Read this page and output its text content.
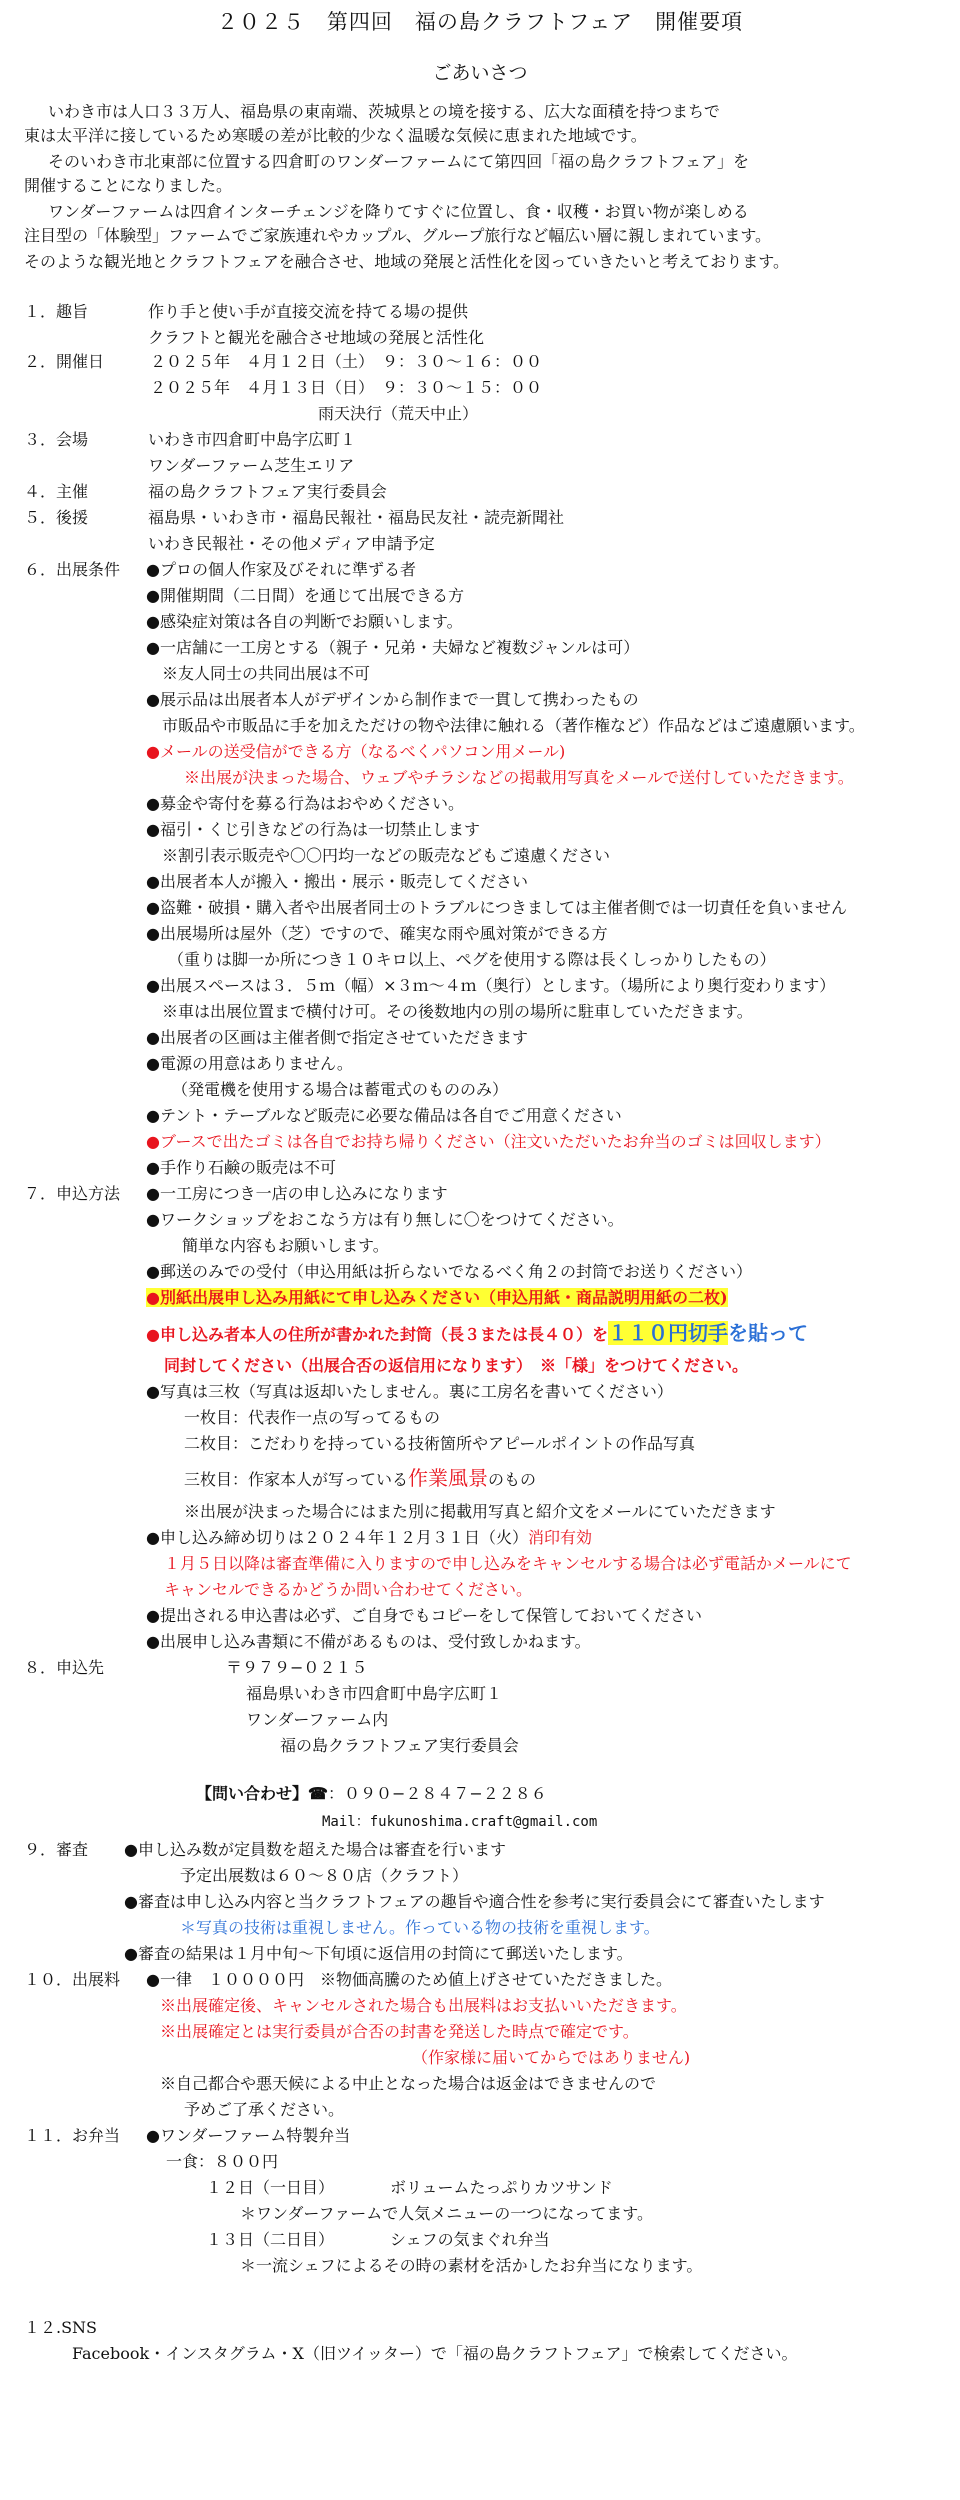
２０２５　第四回　福の島クラフトフェア　開催要項
ごあいさつ
いわき市は人口３３万人、福島県の東南端、茨城県との境を接する、広大な面積を持つまちで
東は太平洋に接しているため寒暖の差が比較的少なく温暖な気候に恵まれた地域です。
そのいわき市北東部に位置する四倉町のワンダーファームにて第四回「福の島クラフトフェア」を
開催することになりました。
ワンダーファームは四倉インターチェンジを降りてすぐに位置し、食・収穫・お買い物が楽しめる
注目型の「体験型」ファームでご家族連れやカップル、グループ旅行など幅広い層に親しまれています。
そのような観光地とクラフトフェアを融合させ、地域の発展と活性化を図っていきたいと考えております。
１．趣旨	作り手と使い手が直接交流を持てる場の提供
クラフトと観光を融合させ地域の発展と活性化
２．開催日	２０２５年　４月１２日（土）　９：３０〜１６：００
２０２５年　４月１３日（日）　９：３０〜１５：００
雨天決行（荒天中止）
３．会場	いわき市四倉町中島字広町１
ワンダーファーム芝生エリア
４．主催	福の島クラフトフェア実行委員会
５．後援	福島県・いわき市・福島民報社・福島民友社・読売新聞社
いわき民報社・その他メディア申請予定
６．出展条件 ●プロの個人作家及びそれに準ずる者
●開催期間（二日間）を通じて出展できる方
●感染症対策は各自の判断でお願いします。
●一店舗に一工房とする（親子・兄弟・夫婦など複数ジャンルは可）
※友人同士の共同出展は不可
●展示品は出展者本人がデザインから制作まで一貫して携わったもの
市販品や市販品に手を加えただけの物や法律に触れる（著作権など）作品などはご遠慮願います。
●メールの送受信ができる方（なるべくパソコン用メール)
※出展が決まった場合、ウェブやチラシなどの掲載用写真をメールで送付していただきます。
●募金や寄付を募る行為はおやめください。
●福引・くじ引きなどの行為は一切禁止します
※割引表示販売や〇〇円均一などの販売などもご遠慮ください
●出展者本人が搬入・搬出・展示・販売してください
●盗難・破損・購入者や出展者同士のトラブルにつきましては主催者側では一切責任を負いません
●出展場所は屋外（芝）ですので、確実な雨や風対策ができる方
（重りは脚一か所につき１０キロ以上、ペグを使用する際は長くしっかりしたもの）
●出展スペースは３．５ｍ（幅）×３ｍ〜４ｍ（奥行）とします。（場所により奥行変わります）
※車は出展位置まで横付け可。その後数地内の別の場所に駐車していただきます。
●出展者の区画は主催者側で指定させていただきます
●電源の用意はありません。
（発電機を使用する場合は蓄電式のもののみ）
●テント・テーブルなど販売に必要な備品は各自でご用意ください
●ブースで出たゴミは各自でお持ち帰りください（注文いただいたお弁当のゴミは回収します）
●手作り石鹸の販売は不可
７．申込方法 ●一工房につき一店の申し込みになります
●ワークショップをおこなう方は有り無しに〇をつけてください。
簡単な内容もお願いします。
●郵送のみでの受付（申込用紙は折らないでなるべく角２の封筒でお送りください）
●別紙出展申し込み用紙にて申し込みください（申込用紙・商品説明用紙の二枚)
●申し込み者本人の住所が書かれた封筒（長３または長４０）を１１０円切手を貼って
同封してください（出展合否の返信用になります）　※「様」をつけてください。
●写真は三枚（写真は返却いたしません。裏に工房名を書いてください）
一枚目：代表作一点の写ってるもの
二枚目：こだわりを持っている技術箇所やアピールポイントの作品写真
三枚目：作家本人が写っている作業風景のもの
※出展が決まった場合にはまた別に掲載用写真と紹介文をメールにていただきます
●申し込み締め切りは２０２４年１２月３１日（火）消印有効
１月５日以降は審査準備に入りますので申し込みをキャンセルする場合は必ず電話かメールにて
キャンセルできるかどうか問い合わせてください。
●提出される申込書は必ず、ご自身でもコピーをして保管しておいてください
●出展申し込み書類に不備があるものは、受付致しかねます。
８．申込先	〒９７９−０２１５
福島県いわき市四倉町中島字広町１
ワンダーファーム内
福の島クラフトフェア実行委員会
【問い合わせ】☎：０９０−２８４７−２２８６
Mail：fukunoshima.craft@gmail.com
９．審査 ●申し込み数が定員数を超えた場合は審査を行います
予定出展数は６０〜８０店（クラフト）
●審査は申し込み内容と当クラフトフェアの趣旨や適合性を参考に実行委員会にて審査いたします
＊写真の技術は重視しません。作っている物の技術を重視します。
●審査の結果は１月中旬〜下旬頃に返信用の封筒にて郵送いたします。
１０．出展料 ●一律　１００００円　※物価高騰のため値上げさせていただきました。
※出展確定後、キャンセルされた場合も出展料はお支払いいただきます。
※出展確定とは実行委員が合否の封書を発送した時点で確定です。
（作家様に届いてからではありません)
※自己都合や悪天候による中止となった場合は返金はできませんので
予めご了承ください。
１１．お弁当 ●ワンダーファーム特製弁当
一食：８００円
１２日（一日目）	ボリュームたっぷりカツサンド
＊ワンダーファームで人気メニューの一つになってます。
１３日（二日目）	シェフの気まぐれ弁当
＊一流シェフによるその時の素材を活かしたお弁当になります。
１２.SNS
Facebook・インスタグラム・X（旧ツイッター）で「福の島クラフトフェア」で検索してください。
